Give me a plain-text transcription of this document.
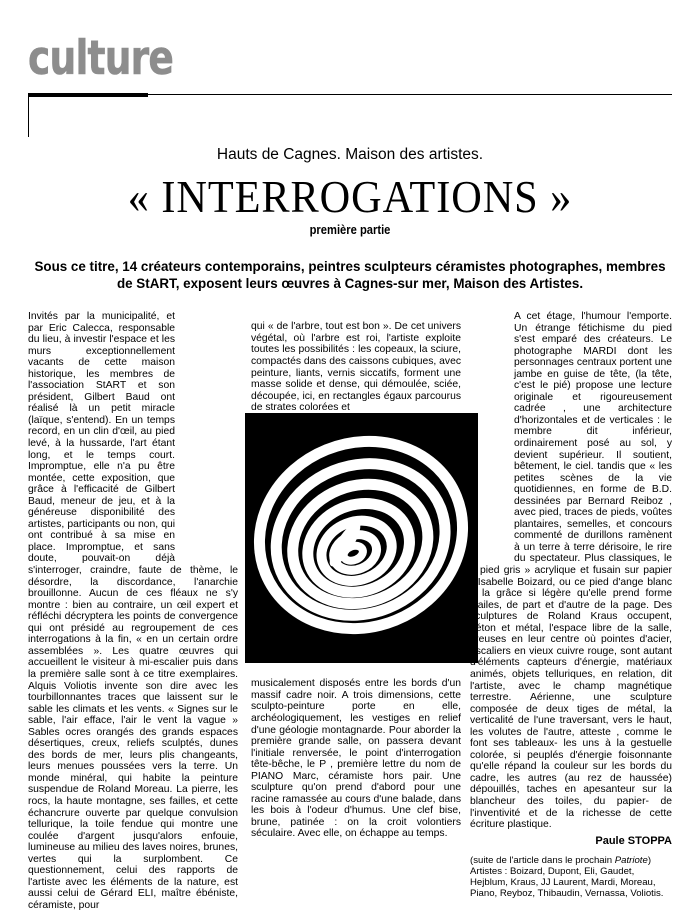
culture
Hauts de Cagnes. Maison des artistes.
« INTERROGATIONS »
première partie
Sous ce titre, 14 créateurs contemporains, peintres sculpteurs céramistes photographes, membres de StART, exposent leurs œuvres à Cagnes-sur mer, Maison des Artistes.

Invités par la municipalité, et par Eric Calecca, responsable du lieu, à investir l'espace et les murs exceptionnellement vacants de cette maison historique, les membres de l'association StART et son président, Gilbert Baud ont réalisé là un petit miracle (laïque, s'entend). En un temps record, en un clin d'œil, au pied levé, à la hussarde, l'art étant long, et le temps court. Impromptue, elle n'a pu être montée, cette exposition, que grâce à l'efficacité de Gilbert Baud, meneur de jeu, et à la généreuse disponibilité des artistes, participants ou non, qui ont contribué à sa mise en place. Impromptue, et sans doute, pouvait-on déjà s'interroger, craindre, faute de thème, le désordre, la discordance, l'anarchie brouillonne. Aucun de ces fléaux ne s'y montre : bien au contraire, un œil expert et réfléchi décryptera les points de convergence qui ont présidé au regroupement de ces interrogations à la fin, « en un certain ordre assemblées ». Les quatre œuvres qui accueillent le visiteur à mi-escalier puis dans la première salle sont à ce titre exemplaires. Alquis Voliotis invente son dire avec les tourbillonnantes traces que laissent sur le sable les climats et les vents. « Signes sur le sable, l'air efface, l'air le vent la vague » Sables ocres orangés des grands espaces désertiques, creux, reliefs sculptés, dunes des bords de mer, leurs plis changeants, leurs menues poussées vers la terre. Un monde minéral, qui habite la peinture suspendue de Roland Moreau. La pierre, les rocs, la haute montagne, ses failles, et cette échancrure ouverte par quelque convulsion tellurique, la toile fendue qui montre une coulée d'argent jusqu'alors enfouie, lumineuse au milieu des laves noires, brunes, vertes qui la surplombent. Ce questionnement, celui des rapports de l'artiste avec les éléments de la nature, est aussi celui de Gérard ELI, maître ébéniste, céramiste, pour

qui « de l'arbre, tout est bon ». De cet univers végétal, où l'arbre est roi, l'artiste exploite toutes les possibilités : les copeaux, la sciure, compactés dans des caissons cubiques, avec peinture, liants, vernis siccatifs, forment une masse solide et dense, qui démoulée, sciée, découpée, ici, en rectangles égaux parcourus de strates colorées et

musicalement disposés entre les bords d'un massif cadre noir. A trois dimensions, cette sculpto-peinture porte en elle, archéologiquement, les vestiges en relief d'une géologie montagnarde. Pour aborder la première grande salle, on passera devant l'initiale renversée, le point d'interrogation tête-bêche, le P , première lettre du nom de PIANO Marc, céramiste hors pair. Une sculpture qu'on prend d'abord pour une racine ramassée au cours d'une balade, dans les bois à l'odeur d'humus. Une clef bise, brune, patinée : on la croit volontiers séculaire. Avec elle, on échappe au temps.

A cet étage, l'humour l'emporte. Un étrange fétichisme du pied s'est emparé des créateurs. Le photographe MARDI dont les personnages centraux portent une jambe en guise de tête, (la tête, c'est le pié) propose une lecture originale et rigoureusement cadrée , une architecture d'horizontales et de verticales : le membre dit inférieur, ordinairement posé au sol, y devient supérieur. Il soutient, bêtement, le ciel. tandis que « les petites scènes de la vie quotidiennes, en forme de B.D. dessinées par Bernard Reiboz , avec pied, traces de pieds, voûtes plantaires, semelles, et concours commenté de durillons ramènent à un terre à terre dérisoire, le rire du spectateur. Plus classiques, le « pied gris » acrylique et fusain sur papier d'Isabelle Boizard, ou ce pied d'ange blanc à la grâce si légère qu'elle prend forme d'ailes, de part et d'autre de la page. Des sculptures de Roland Kraus occupent, béton et métal, l'espace libre de la salle, creuses en leur centre où pointes d'acier, escaliers en vieux cuivre rouge, sont autant d'éléments capteurs d'énergie, matériaux animés, objets telluriques, en relation, dit l'artiste, avec le champ magnétique terrestre. Aérienne, une sculpture composée de deux tiges de métal, la verticalité de l'une traversant, vers le haut, les volutes de l'autre, atteste , comme le font ses tableaux- les uns à la gestuelle colorée, si peuplés d'énergie foisonnante qu'elle répand la couleur sur les bords du cadre, les autres (au rez de haussée) dépouillés, taches en apesanteur sur la blancheur des toiles, du papier- de l'inventivité et de la richesse de cette écriture plastique.

Paule STOPPA
(suite de l'article dans le prochain Patriote)
Artistes : Boizard, Dupont, Eli, Gaudet, Hejblum, Kraus, JJ Laurent, Mardi, Moreau, Piano, Reyboz, Thibaudin, Vernassa, Voliotis.
